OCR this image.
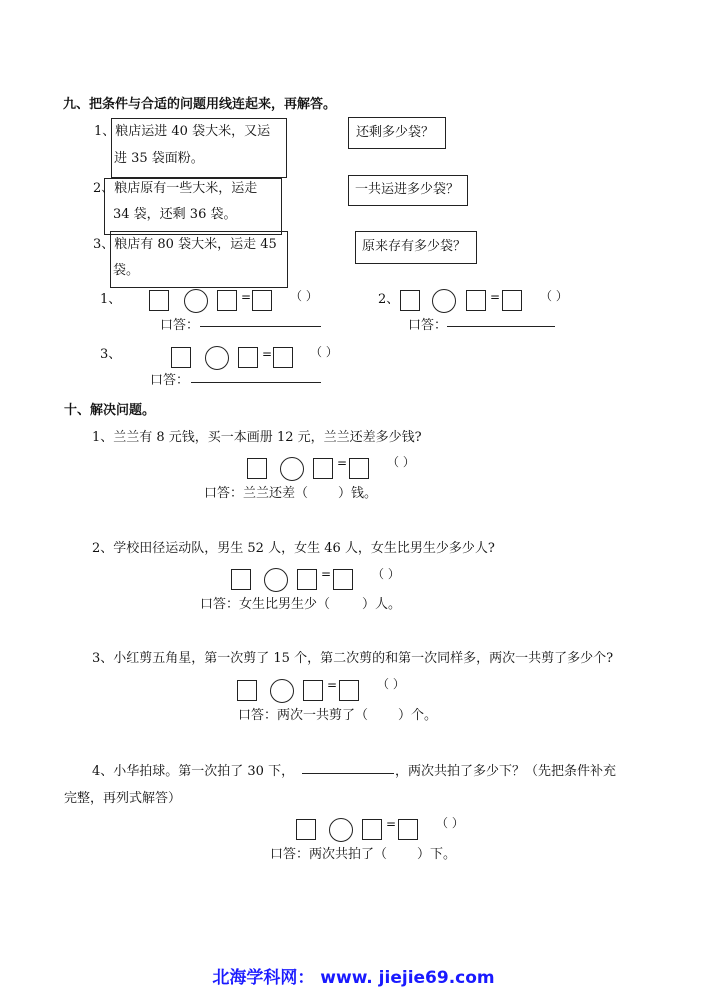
九、把条件与合适的问题用线连起来，再解答。
1、粮店运进 40 袋大米，又运
进 35 袋面粉。
2、粮店原有一些大米，运走
34 袋，还剩 36 袋。
3、粮店有 80 袋大米，运走 45
袋。
还剩多少袋？
一共运进多少袋？
原来存有多少袋？
1、	=	（ ）
口答：
2、	=	（ ）
口答：
3、	=	（ ）
口答：
十、解决问题。
1、兰兰有 8 元钱，买一本画册 12 元，兰兰还差多少钱?
=	（ ）
口答：兰兰还差（ ）钱。
2、学校田径运动队，男生 52 人，女生 46 人，女生比男生少多少人?
=	（ ）
口答：女生比男生少（ ）人。
3、小红剪五角星，第一次剪了 15 个，第二次剪的和第一次同样多，两次一共剪了多少个?
=	（ ）
口答：两次一共剪了（ ）个。
4、小华拍球。第一次拍了 30 下，	，两次共拍了多少下？（先把条件补充
完整，再列式解答）
=	（ ）
口答：两次共拍了（ ）下。
北海学科网： www. jiejie69.com
